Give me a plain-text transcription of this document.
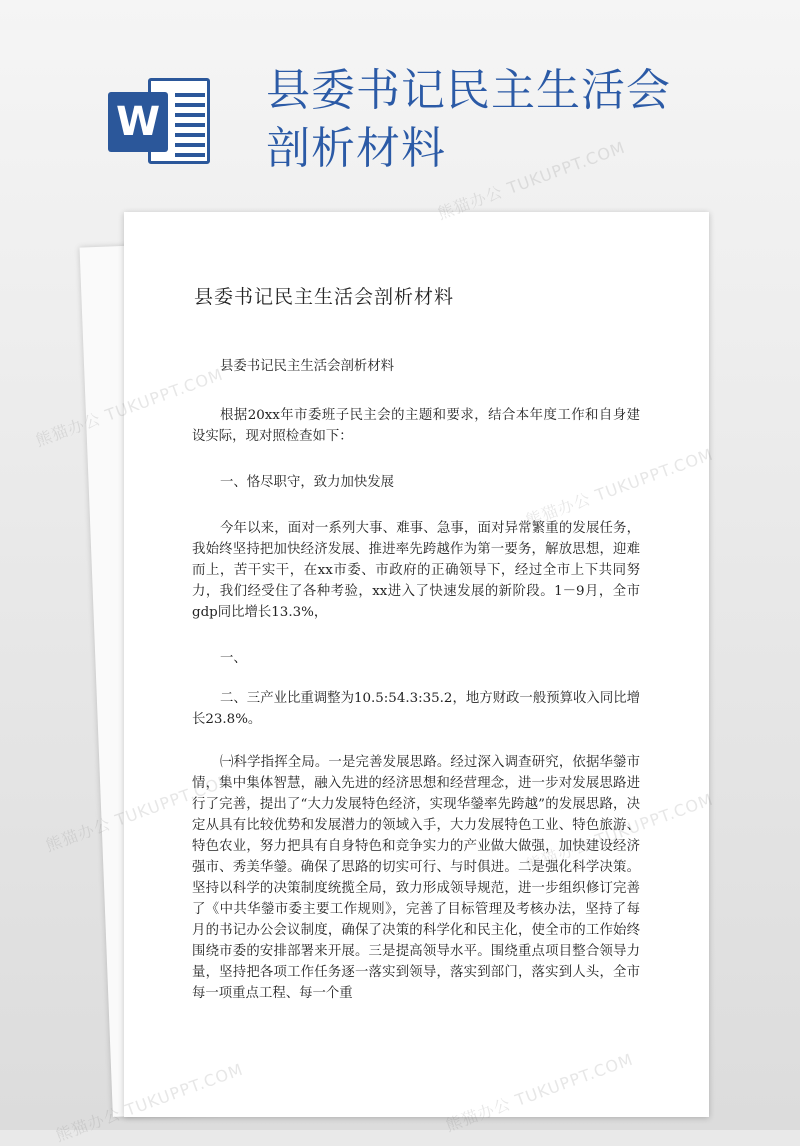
W
县委书记民主生活会剖析材料
县委书记民主生活会剖析材料
县委书记民主生活会剖析材料
根据20xx年市委班子民主会的主题和要求，结合本年度工作和自身建设实际，现对照检查如下：
一、恪尽职守，致力加快发展
今年以来，面对一系列大事、难事、急事，面对异常繁重的发展任务，我始终坚持把加快经济发展、推进率先跨越作为第一要务，解放思想，迎难而上，苦干实干，在xx市委、市政府的正确领导下，经过全市上下共同努力，我们经受住了各种考验，xx进入了快速发展的新阶段。1－9月，全市gdp同比增长13.3%，
一、
二、三产业比重调整为10.5:54.3:35.2，地方财政一般预算收入同比增长23.8%。
㈠科学指挥全局。一是完善发展思路。经过深入调查研究，依据华鎣市情，集中集体智慧，融入先进的经济思想和经营理念，进一步对发展思路进行了完善，提出了“大力发展特色经济，实现华鎣率先跨越”的发展思路，决定从具有比较优势和发展潜力的领域入手，大力发展特色工业、特色旅游、特色农业，努力把具有自身特色和竞争实力的产业做大做强，加快建设经济强市、秀美华鎣。确保了思路的切实可行、与时俱进。二是强化科学决策。坚持以科学的决策制度统揽全局，致力形成领导规范，进一步组织修订完善了《中共华鎣市委主要工作规则》，完善了目标管理及考核办法，坚持了每月的书记办公会议制度，确保了决策的科学化和民主化，使全市的工作始终围绕市委的安排部署来开展。三是提高领导水平。围绕重点项目整合领导力量，坚持把各项工作任务逐一落实到领导，落实到部门，落实到人头，全市每一项重点工程、每一个重
